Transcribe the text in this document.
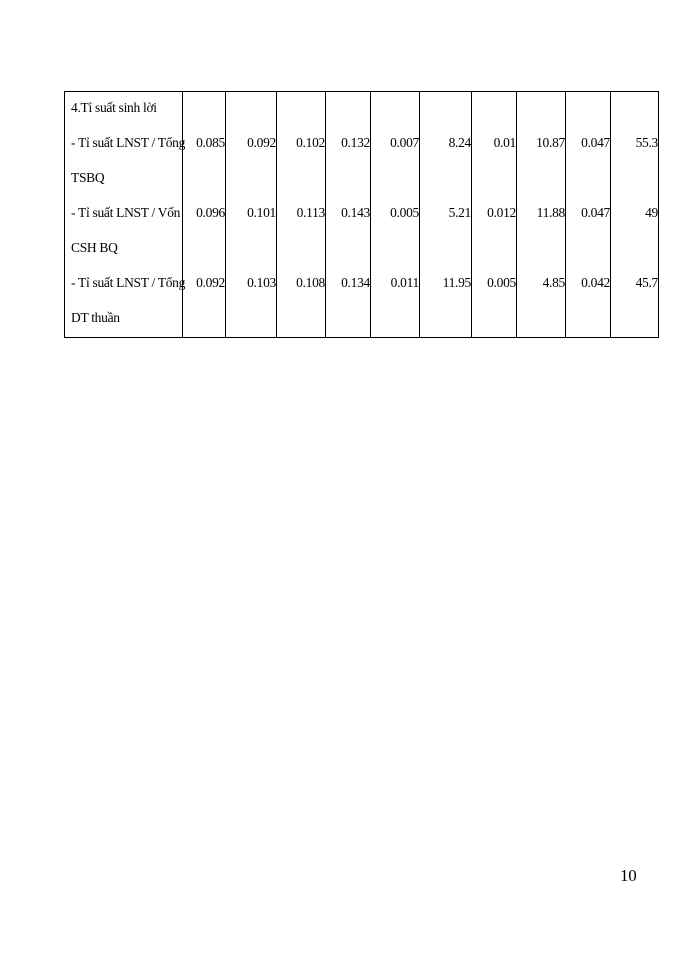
4.Tỉ suất sinh lời										

- Tỉ suất LNST / Tổng
TSBQ	0.085	0.092	0.102	0.132	0.007	8.24	0.01	10.87	0.047	55.3

- Tỉ suất LNST / Vốn
CSH BQ	0.096	0.101	0.113	0.143	0.005	5.21	0.012	11.88	0.047	49

- Tỉ suất LNST / Tổng
DT thuần	0.092	0.103	0.108	0.134	0.011	11.95	0.005	4.85	0.042	45.7
10
